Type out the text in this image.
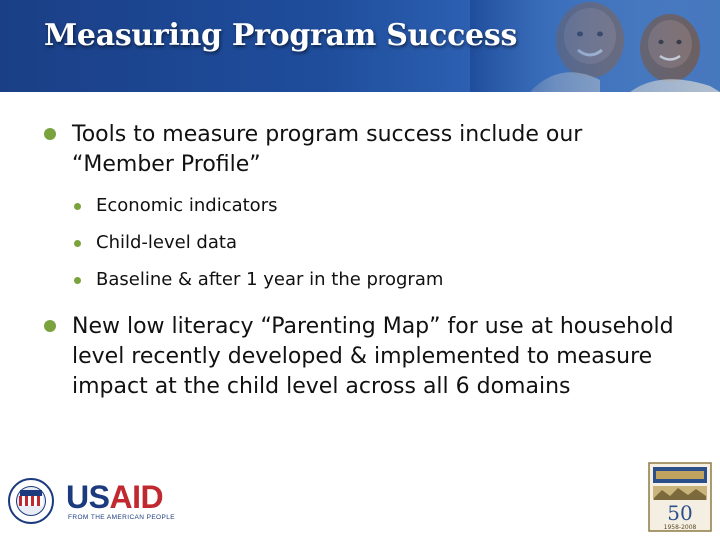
Measuring Program Success
Tools to measure program success include our “Member Profile”
Economic indicators
Child-level data
Baseline & after 1 year in the program
New low literacy “Parenting Map” for use at household level recently developed & implemented to measure impact at the child level across all 6 domains
USAID
FROM THE AMERICAN PEOPLE	50
1958-2008
